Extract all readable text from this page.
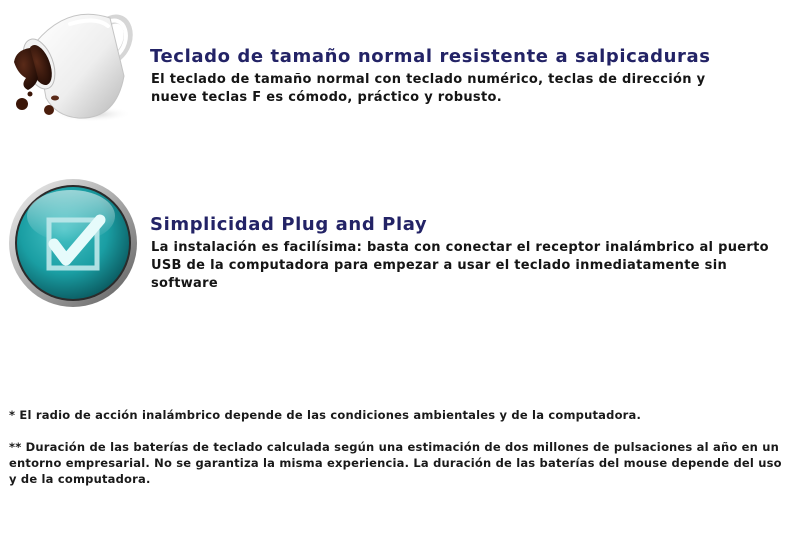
Teclado de tamaño normal resistente a salpicaduras

El teclado de tamaño normal con teclado numérico, teclas de dirección y nueve teclas F es cómodo, práctico y robusto.

Simplicidad Plug and Play

La instalación es facilísima: basta con conectar el receptor inalámbrico al puerto USB de la computadora para empezar a usar el teclado inmediatamente sin software

* El radio de acción inalámbrico depende de las condiciones ambientales y de la computadora.

** Duración de las baterías de teclado calculada según una estimación de dos millones de pulsaciones al año en un entorno empresarial. No se garantiza la misma experiencia. La duración de las baterías del mouse depende del uso y de la computadora.
